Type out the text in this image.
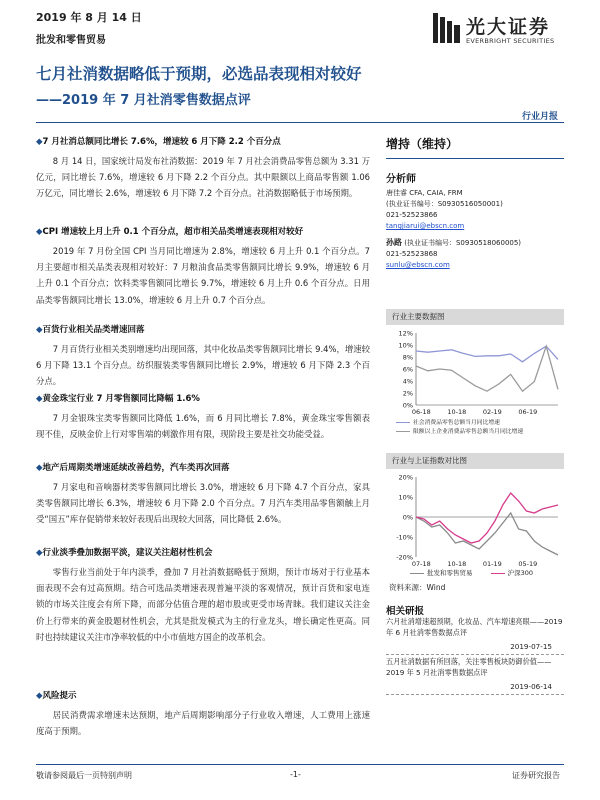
2019 年 8 月 14 日
批发和零售贸易
光大证券
EVERBRIGHT SECURITIES
七月社消数据略低于预期，必选品表现相对较好
——2019 年 7 月社消零售数据点评
行业月报
◆7 月社消总额同比增长 7.6%，增速较 6 月下降 2.2 个百分点

8 月 14 日，国家统计局发布社消数据：2019 年 7 月社会消费品零售总额为 3.31 万亿元，同比增长 7.6%，增速较 6 月下降 2.2 个百分点。其中限额以上商品零售额 1.06 万亿元，同比增长 2.6%，增速较 6 月下降 7.2 个百分点。社消数据略低于市场预期。

◆CPI 增速较上月上升 0.1 个百分点，超市相关品类增速表现相对较好

2019 年 7 月份全国 CPI 当月同比增速为 2.8%，增速较 6 月上升 0.1 个百分点。7 月主要超市相关品类表现相对较好：7 月粮油食品类零售额同比增长 9.9%，增速较 6 月上升 0.1 个百分点；饮料类零售额同比增长 9.7%，增速较 6 月上升 0.6 个百分点。日用品类零售额同比增长 13.0%，增速较 6 月上升 0.7 个百分点。

◆百货行业相关品类增速回落

7 月百货行业相关类别增速均出现回落，其中化妆品类零售额同比增长 9.4%，增速较 6 月下降 13.1 个百分点。纺织服装类零售额同比增长 2.9%，增速较 6 月下降 2.3 个百分点。

◆黄金珠宝行业 7 月零售额同比降幅 1.6%

7 月金银珠宝类零售额同比降低 1.6%，而 6 月同比增长 7.8%，黄金珠宝零售额表现不佳，反映金价上行对零售端的刺激作用有限，现阶段主要是社交功能受益。

◆地产后周期类增速延续改善趋势，汽车类再次回落

7 月家电和音响器材类零售额同比增长 3.0%，增速较 6 月下降 4.7 个百分点，家具类零售额同比增长 6.3%，增速较 6 月下降 2.0 个百分点。7 月汽车类用品零售额触上月受“国五”库存促销带来较好表现后出现较大回落，同比降低 2.6%。

◆行业淡季叠加数据平淡，建议关注超材性机会

零售行业当前处于年内淡季，叠加 7 月社消数据略低于预期，预计市场对于行业基本面表现不会有过高预期。结合可选品类增速表现普遍平淡的客观情况，预计百货和家电连锁的市场关注度会有所下降，而部分估值合理的超市股或更受市场青睐。我们建议关注金价上行带来的黄金股题材性机会，尤其是批发模式为主的行业龙头，增长确定性更高。同时也持续建议关注市净率较低的中小市值地方国企的改革机会。

◆风险提示

居民消费需求增速未达预期，地产后周期影响部分子行业收入增速，人工费用上涨速度高于预期。

增持（维持）
分析师
唐佳睿 CFA, CAIA, FRM
(执业证书编号：S0930516050001)
021-52523866
tangjiarui@ebscn.com
孙路 (执业证书编号：S0930518060005)
021-52523868
sunlu@ebscn.com
行业主要数据图
0%
2%
4%
6%
8%
10%
12%
06-18	10-18	02-19	06-19
社会消费品零售总额当月同比增速
限额以上企业消费品零售总额当月同比增速
行业与上证指数对比图
-20%
-10%
0%
10%
20%
07-18	10-18	01-19	05-19
批发和零售贸易	沪深300
资料来源：Wind
相关研报
六月社消增速超预期，化妆品、汽车增速亮眼——2019 年 6 月社消零售数据点评
2019-07-15
五月社消数据有所回落，关注零售板块防御价值——2019 年 5 月社消零售数据点评
2019-06-14
敬请参阅最后一页特别声明	-1-	证券研究报告
